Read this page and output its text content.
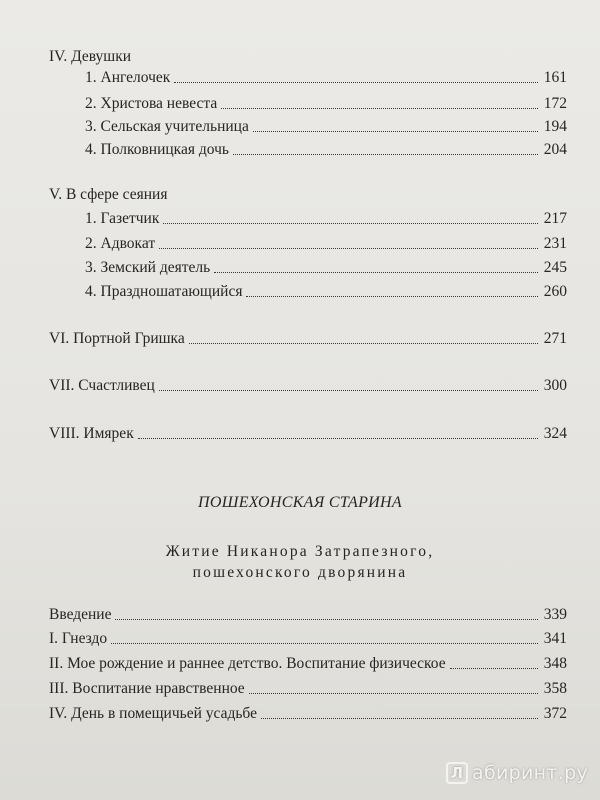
IV. Девушки
1. Ангелочек	161
2. Христова невеста	172
3. Сельская учительница	194
4. Полковницкая дочь	204
V. В сфере сеяния
1. Газетчик	217
2. Адвокат	231
3. Земский деятель	245
4. Праздношатающийся	260
VI. Портной Гришка	271
VII. Счастливец	300
VIII. Имярек	324
ПОШЕХОНСКАЯ СТАРИНА
Житие Никанора Затрапезного,
пошехонского дворянина
Введение	339
I. Гнездо	341
II. Мое рождение и раннее детство. Воспитание физическое	348
III. Воспитание нравственное	358
IV. День в помещичьей усадьбе	372
Л абиринт.ру
